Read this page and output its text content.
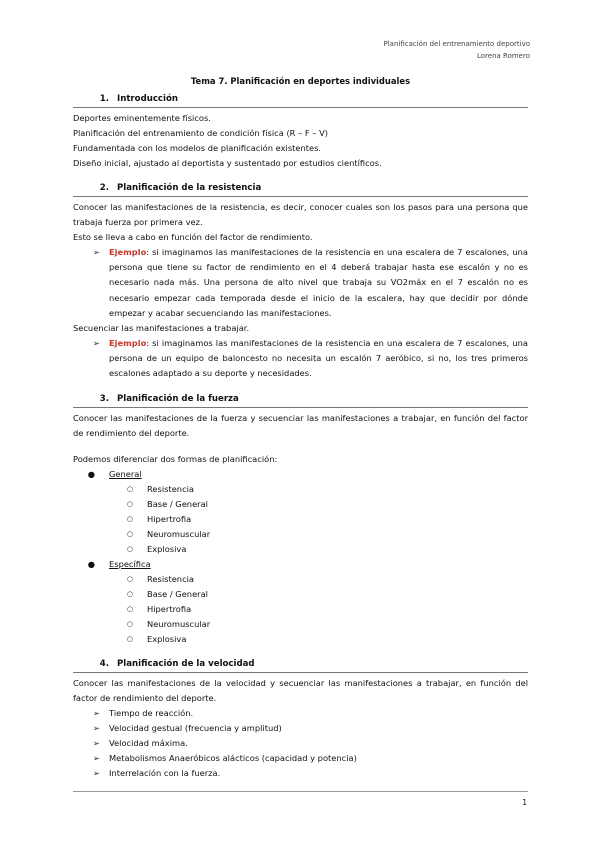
Planificación del entrenamiento deportivo
Lorena Romero
Tema 7. Planificación en deportes individuales
1. Introducción

Deportes eminentemente físicos.

Planificación del entrenamiento de condición física (R – F – V)

Fundamentada con los modelos de planificación existentes.

Diseño inicial, ajustado al deportista y sustentado por estudios científicos.

2. Planificación de la resistencia

Conocer las manifestaciones de la resistencia, es decir, conocer cuales son los pasos para una persona que trabaja fuerza por primera vez.

Esto se lleva a cabo en función del factor de rendimiento.

➢	Ejemplo: si imaginamos las manifestaciones de la resistencia en una escalera de 7 escalones, una persona que tiene su factor de rendimiento en el 4 deberá trabajar hasta ese escalón y no es necesario nada más. Una persona de alto nivel que trabaja su VO2máx en el 7 escalón no es necesario empezar cada temporada desde el inicio de la escalera, hay que decidir por dónde empezar y acabar secuenciando las manifestaciones.

Secuenciar las manifestaciones a trabajar.

➢	Ejemplo: si imaginamos las manifestaciones de la resistencia en una escalera de 7 escalones, una persona de un equipo de baloncesto no necesita un escalón 7 aeróbico, si no, los tres primeros escalones adaptado a su deporte y necesidades.
3. Planificación de la fuerza

Conocer las manifestaciones de la fuerza y secuenciar las manifestaciones a trabajar, en función del factor de rendimiento del deporte.

Podemos diferenciar dos formas de planificación:

●	General
○	Resistencia
○	Base / General
○	Hipertrofia
○	Neuromuscular
○	Explosiva
●	Específica
○	Resistencia
○	Base / General
○	Hipertrofia
○	Neuromuscular
○	Explosiva
4. Planificación de la velocidad

Conocer las manifestaciones de la velocidad y secuenciar las manifestaciones a trabajar, en función del factor de rendimiento del deporte.

➢	Tiempo de reacción.
➢	Velocidad gestual (frecuencia y amplitud)
➢	Velocidad máxima.
➢	Metabolismos Anaeróbicos alácticos (capacidad y potencia)
➢	Interrelación con la fuerza.
1
